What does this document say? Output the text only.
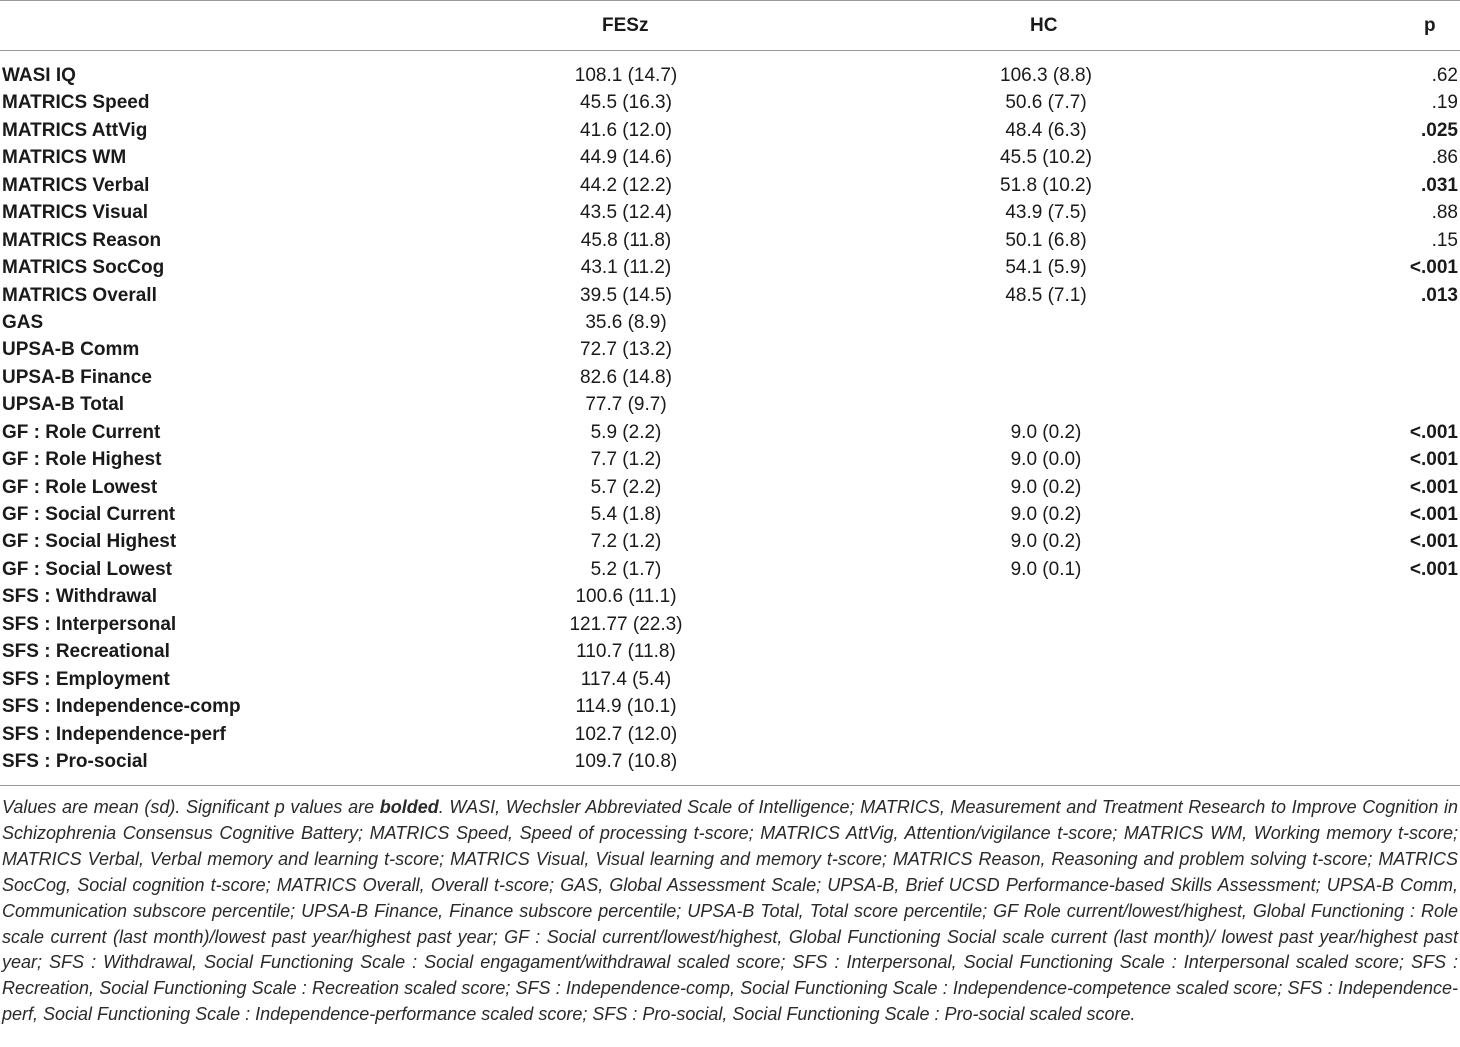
FESz	HC	p
WASI IQ	108.1 (14.7)	106.3 (8.8)	.62
MATRICS Speed	45.5 (16.3)	50.6 (7.7)	.19
MATRICS AttVig	41.6 (12.0)	48.4 (6.3)	.025
MATRICS WM	44.9 (14.6)	45.5 (10.2)	.86
MATRICS Verbal	44.2 (12.2)	51.8 (10.2)	.031
MATRICS Visual	43.5 (12.4)	43.9 (7.5)	.88
MATRICS Reason	45.8 (11.8)	50.1 (6.8)	.15
MATRICS SocCog	43.1 (11.2)	54.1 (5.9)	<.001
MATRICS Overall	39.5 (14.5)	48.5 (7.1)	.013
GAS	35.6 (8.9)
UPSA-B Comm	72.7 (13.2)
UPSA-B Finance	82.6 (14.8)
UPSA-B Total	77.7 (9.7)
GF : Role Current	5.9 (2.2)	9.0 (0.2)	<.001
GF : Role Highest	7.7 (1.2)	9.0 (0.0)	<.001
GF : Role Lowest	5.7 (2.2)	9.0 (0.2)	<.001
GF : Social Current	5.4 (1.8)	9.0 (0.2)	<.001
GF : Social Highest	7.2 (1.2)	9.0 (0.2)	<.001
GF : Social Lowest	5.2 (1.7)	9.0 (0.1)	<.001
SFS : Withdrawal	100.6 (11.1)
SFS : Interpersonal	121.77 (22.3)
SFS : Recreational	110.7 (11.8)
SFS : Employment	117.4 (5.4)
SFS : Independence-comp	114.9 (10.1)
SFS : Independence-perf	102.7 (12.0)
SFS : Pro-social	109.7 (10.8)
Values are mean (sd). Significant p values are bolded. WASI, Wechsler Abbreviated Scale of Intelligence; MATRICS, Measurement and Treatment Research to Improve Cognition in Schizophrenia Consensus Cognitive Battery; MATRICS Speed, Speed of processing t-score; MATRICS AttVig, Attention/vigilance t-score; MATRICS WM, Working memory t-score; MATRICS Verbal, Verbal memory and learning t-score; MATRICS Visual, Visual learning and memory t-score; MATRICS Reason, Reasoning and problem solving t-score; MATRICS SocCog, Social cognition t-score; MATRICS Overall, Overall t-score; GAS, Global Assessment Scale; UPSA-B, Brief UCSD Performance-based Skills Assessment; UPSA-B Comm, Communication subscore percentile; UPSA-B Finance, Finance subscore percentile; UPSA-B Total, Total score percentile; GF Role current/lowest/highest, Global Functioning : Role scale current (last month)/lowest past year/highest past year; GF : Social current/lowest/highest, Global Functioning Social scale current (last month)/ lowest past year/highest past year; SFS : Withdrawal, Social Functioning Scale : Social engagament/withdrawal scaled score; SFS : Interpersonal, Social Functioning Scale : Interpersonal scaled score; SFS : Recreation, Social Functioning Scale : Recreation scaled score; SFS : Independence-comp, Social Functioning Scale : Independence-competence scaled score; SFS : Independence-perf, Social Functioning Scale : Independence-performance scaled score; SFS : Pro-social, Social Functioning Scale : Pro-social scaled score.
